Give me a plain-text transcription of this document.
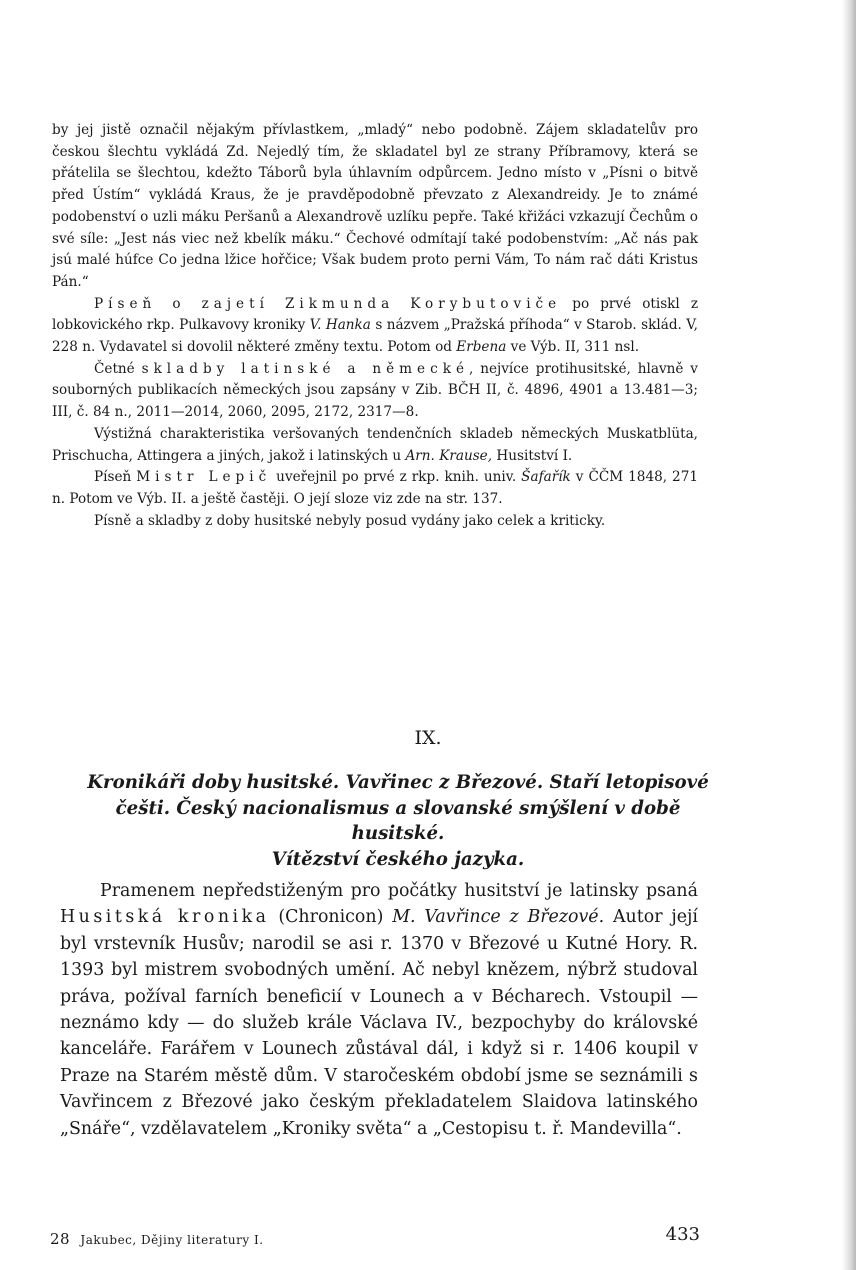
by jej jistě označil nějakým přívlastkem, „mladý“ nebo podobně. Zájem skladatelův pro českou šlechtu vykládá Zd. Nejedlý tím, že skladatel byl ze strany Příbramovy, která se přátelila se šlechtou, kdežto Táborů byla úhlavním odpůrcem. Jedno místo v „Písni o bitvě před Ústím“ vykládá Kraus, že je pravděpodobně převzato z Alexandreidy. Je to známé podobenství o uzli máku Peršanů a Alexandrově uzlíku pepře. Také křižáci vzkazují Čechům o své síle: „Jest nás viec než kbelík máku.“ Čechové odmítají také podobenstvím: „Ač nás pak jsú malé húfce Co jedna lžice hořčice; Však budem proto perni Vám, To nám rač dáti Kristus Pán.“

Píseň o zajetí Zikmunda Korybutoviče po prvé otiskl z lobkovického rkp. Pulkavovy kroniky V. Hanka s názvem „Pražská příhoda“ v Starob. sklád. V, 228 n. Vydavatel si dovolil některé změny textu. Potom od Erbena ve Výb. II, 311 nsl.

Četné skladby latinské a německé, nejvíce protihusitské, hlavně v souborných publikacích německých jsou zapsány v Zib. BČH II, č. 4896, 4901 a 13.481—3; III, č. 84 n., 2011—2014, 2060, 2095, 2172, 2317—8.

Výstižná charakteristika veršovaných tendenčních skladeb německých Muskatblüta, Prischucha, Attingera a jiných, jakož i latinských u Arn. Krause, Husitství I.

Píseň Mistr Lepič uveřejnil po prvé z rkp. knih. univ. Šafařík v ČČM 1848, 271 n. Potom ve Výb. II. a ještě častěji. O její sloze viz zde na str. 137.

Písně a skladby z doby husitské nebyly posud vydány jako celek a kriticky.

IX.
Kronikáři doby husitské. Vavřinec z Březové. Staří letopisové češti. Český nacionalismus a slovanské smýšlení v době husitské.
Vítězství českého jazyka.

Pramenem nepředstiženým pro počátky husitství je latinsky psaná Husitská kronika (Chronicon) M. Vavřince z Březové. Autor její byl vrstevník Husův; narodil se asi r. 1370 v Březové u Kutné Hory. R. 1393 byl mistrem svobodných umění. Ač nebyl knězem, nýbrž studoval práva, požíval farních beneficií v Lounech a v Bécharech. Vstoupil — neznámo kdy — do služeb krále Václava IV., bezpochyby do královské kanceláře. Farářem v Lounech zůstával dál, i když si r. 1406 koupil v Praze na Starém městě dům. V staročeském období jsme se seznámili s Vavřincem z Březové jako českým překladatelem Slaidova latinského „Snáře“, vzdělavatelem „Kroniky světa“ a „Cestopisu t. ř. Mandevilla“.

28 Jakubec, Dějiny literatury I.	433
